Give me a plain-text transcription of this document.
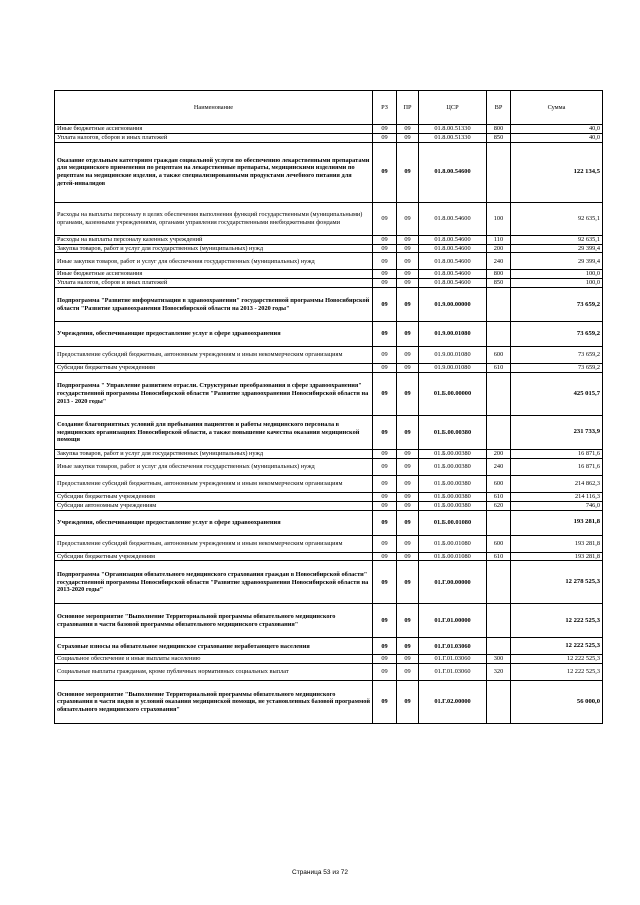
Наименование	РЗ	ПР	ЦСР	ВР	Сумма
Иные бюджетные ассигнования	09	09	01.8.00.51330	800	40,0
Уплата налогов, сборов и иных платежей	09	09	01.8.00.51330	850	40,0
Оказание отдельным категориям граждан социальной услуги по обеспечению лекарственными препаратами для медицинского применения по рецептам на лекарственные препараты, медицинскими изделиями по рецептам на медицинские изделия, а также специализированными продуктами лечебного питания для детей-инвалидов	09	09	01.8.00.54600		122 134,5
Расходы на выплаты персоналу в целях обеспечения выполнения функций государственными (муниципальными) органами, казенными учреждениями, органами управления государственными внебюджетными фондами	09	09	01.8.00.54600	100	92 635,1
Расходы на выплаты персоналу казенных учреждений	09	09	01.8.00.54600	110	92 635,1
Закупка товаров, работ и услуг для государственных (муниципальных) нужд	09	09	01.8.00.54600	200	29 399,4
Иные закупки товаров, работ и услуг для обеспечения государственных (муниципальных) нужд	09	09	01.8.00.54600	240	29 399,4
Иные бюджетные ассигнования	09	09	01.8.00.54600	800	100,0
Уплата налогов, сборов и иных платежей	09	09	01.8.00.54600	850	100,0
Подпрограмма "Развитие информатизации в здравоохранении" государственной программы Новосибирской области "Развитие здравоохранения Новосибирской области на 2013 - 2020 годы"	09	09	01.9.00.00000		73 659,2
Учреждения, обеспечивающие предоставление услуг в сфере здравоохранения	09	09	01.9.00.01080		73 659,2
Предоставление субсидий бюджетным, автономным учреждениям и иным некоммерческим организациям	09	09	01.9.00.01080	600	73 659,2
Субсидии бюджетным учреждениям	09	09	01.9.00.01080	610	73 659,2
Подпрограмма " Управление развитием отрасли. Структурные преобразования в сфере здравоохранения" государственной программы Новосибирской области "Развитие здравоохранения Новосибирской области на 2013 - 2020 годы"	09	09	01.Б.00.00000		425 015,7
Создание благоприятных условий для пребывания пациентов и работы медицинского персонала в медицинских организациях Новосибирской области, а также повышение качества оказания медицинской помощи	09	09	01.Б.00.00380		231 733,9
Закупка товаров, работ и услуг для государственных (муниципальных) нужд	09	09	01.Б.00.00380	200	16 871,6
Иные закупки товаров, работ и услуг для обеспечения государственных (муниципальных) нужд	09	09	01.Б.00.00380	240	16 871,6
Предоставление субсидий бюджетным, автономным учреждениям и иным некоммерческим организациям	09	09	01.Б.00.00380	600	214 862,3
Субсидии бюджетным учреждениям	09	09	01.Б.00.00380	610	214 116,3
Субсидии автономным учреждениям	09	09	01.Б.00.00380	620	746,0
Учреждения, обеспечивающие предоставление услуг в сфере здравоохранения	09	09	01.Б.00.01080		193 281,8
Предоставление субсидий бюджетным, автономным учреждениям и иным некоммерческим организациям	09	09	01.Б.00.01080	600	193 281,8
Субсидии бюджетным учреждениям	09	09	01.Б.00.01080	610	193 281,8
Подпрограмма "Организация обязательного медицинского страхования граждан в Новосибирской области" государственной программы Новосибирской области "Развитие здравоохранения Новосибирской области на 2013-2020 годы"	09	09	01.Г.00.00000		12 278 525,3
Основное мероприятие "Выполнение Территориальной программы обязательного медицинского страхования в части базовой программы обязательного медицинского страхования"	09	09	01.Г.01.00000		12 222 525,3
Страховые взносы на обязательное медицинское страхование неработающего населения	09	09	01.Г.01.03060		12 222 525,3
Социальное обеспечение и иные выплаты населению	09	09	01.Г.01.03060	300	12 222 525,3
Социальные выплаты гражданам, кроме публичных нормативных социальных выплат	09	09	01.Г.01.03060	320	12 222 525,3
Основное мероприятие "Выполнение Территориальной программы обязательного медицинского страхования в части видов и условий оказания медицинской помощи, не установленных базовой программой обязательного медицинского страхования"	09	09	01.Г.02.00000		56 000,0
Страница 53 из 72
